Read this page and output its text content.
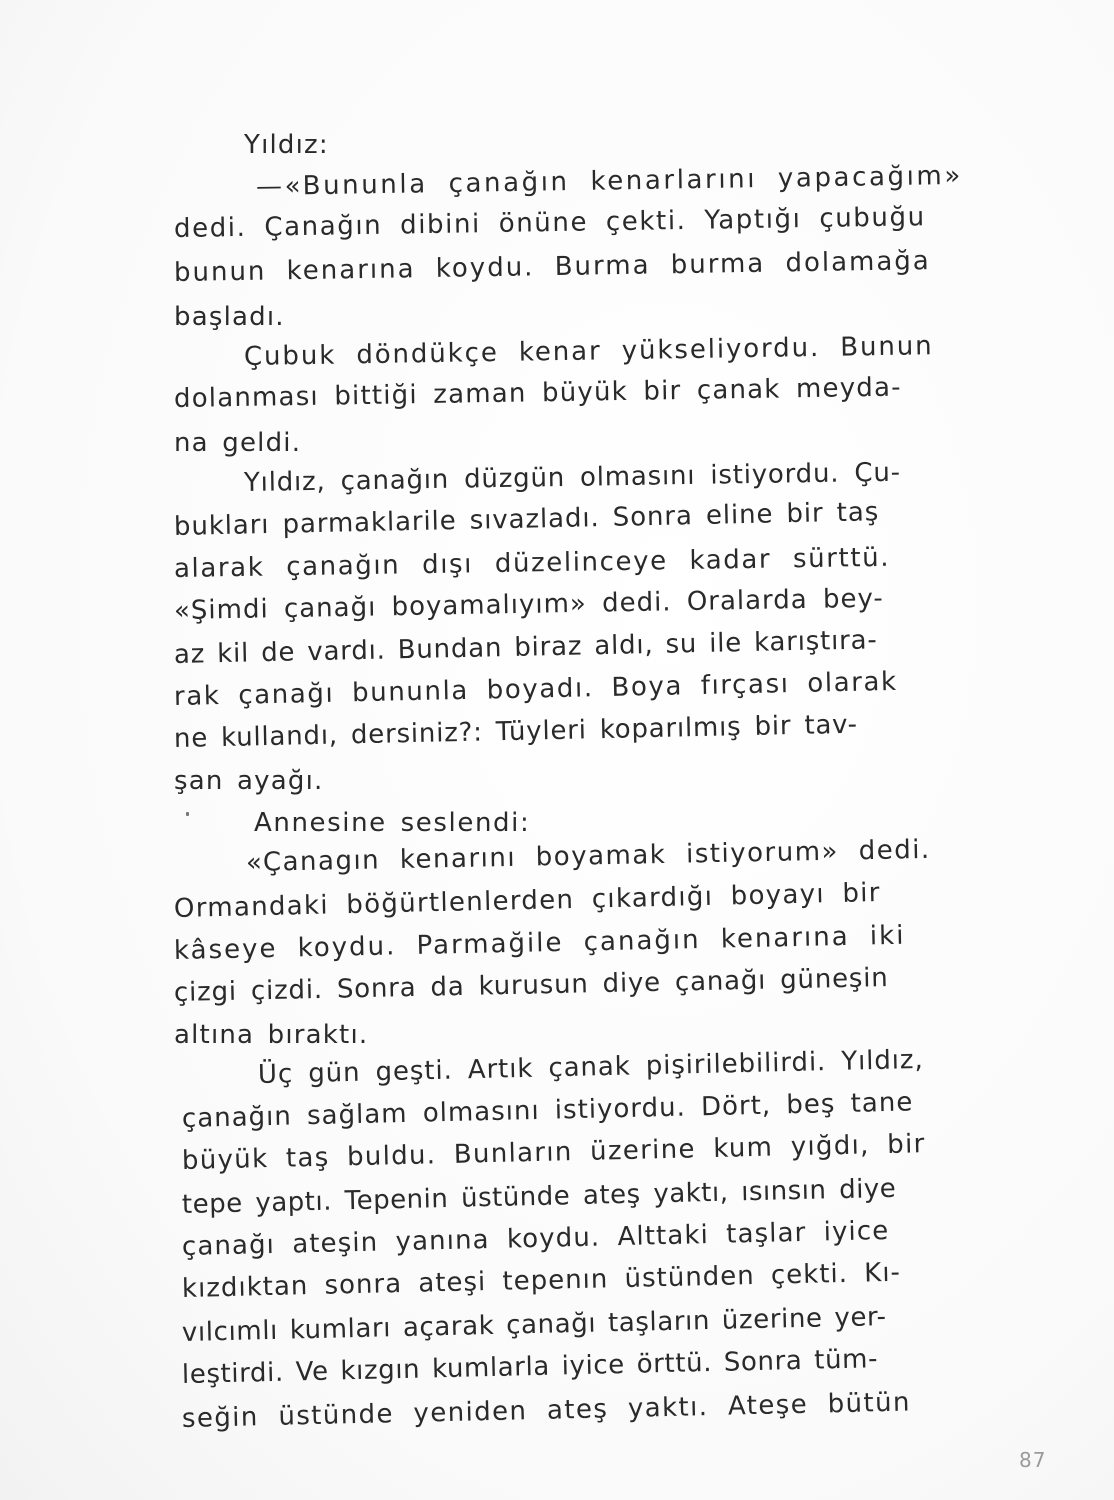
Yıldız:
—«Bununla çanağın kenarlarını yapacağım»
dedi. Çanağın dibini önüne çekti. Yaptığı çubuğu
bunun kenarına koydu. Burma burma dolamağa
başladı.
Çubuk döndükçe kenar yükseliyordu. Bunun
dolanması bittiği zaman büyük bir çanak meyda-
na geldi.
Yıldız, çanağın düzgün olmasını istiyordu. Çu-
bukları parmaklarile sıvazladı. Sonra eline bir taş
alarak çanağın dışı düzelinceye kadar sürttü.
«Şimdi çanağı boyamalıyım» dedi. Oralarda bey-
az kil de vardı. Bundan biraz aldı, su ile karıştıra-
rak çanağı bununla boyadı. Boya fırçası olarak
ne kullandı, dersiniz?: Tüyleri koparılmış bir tav-
şan ayağı.
Annesine seslendi:
«Çanagın kenarını boyamak istiyorum» dedi.
Ormandaki böğürtlenlerden çıkardığı boyayı bir
kâseye koydu. Parmağile çanağın kenarına iki
çizgi çizdi. Sonra da kurusun diye çanağı güneşin
altına bıraktı.
Üç gün geşti. Artık çanak pişirilebilirdi. Yıldız,
çanağın sağlam olmasını istiyordu. Dört, beş tane
büyük taş buldu. Bunların üzerine kum yığdı, bir
tepe yaptı. Tepenin üstünde ateş yaktı, ısınsın diye
çanağı ateşin yanına koydu. Alttaki taşlar iyice
kızdıktan sonra ateşi tepenın üstünden çekti. Kı-
vılcımlı kumları açarak çanağı taşların üzerine yer-
leştirdi. Ve kızgın kumlarla iyice örttü. Sonra tüm-
seğin üstünde yeniden ateş yaktı. Ateşe bütün
87
